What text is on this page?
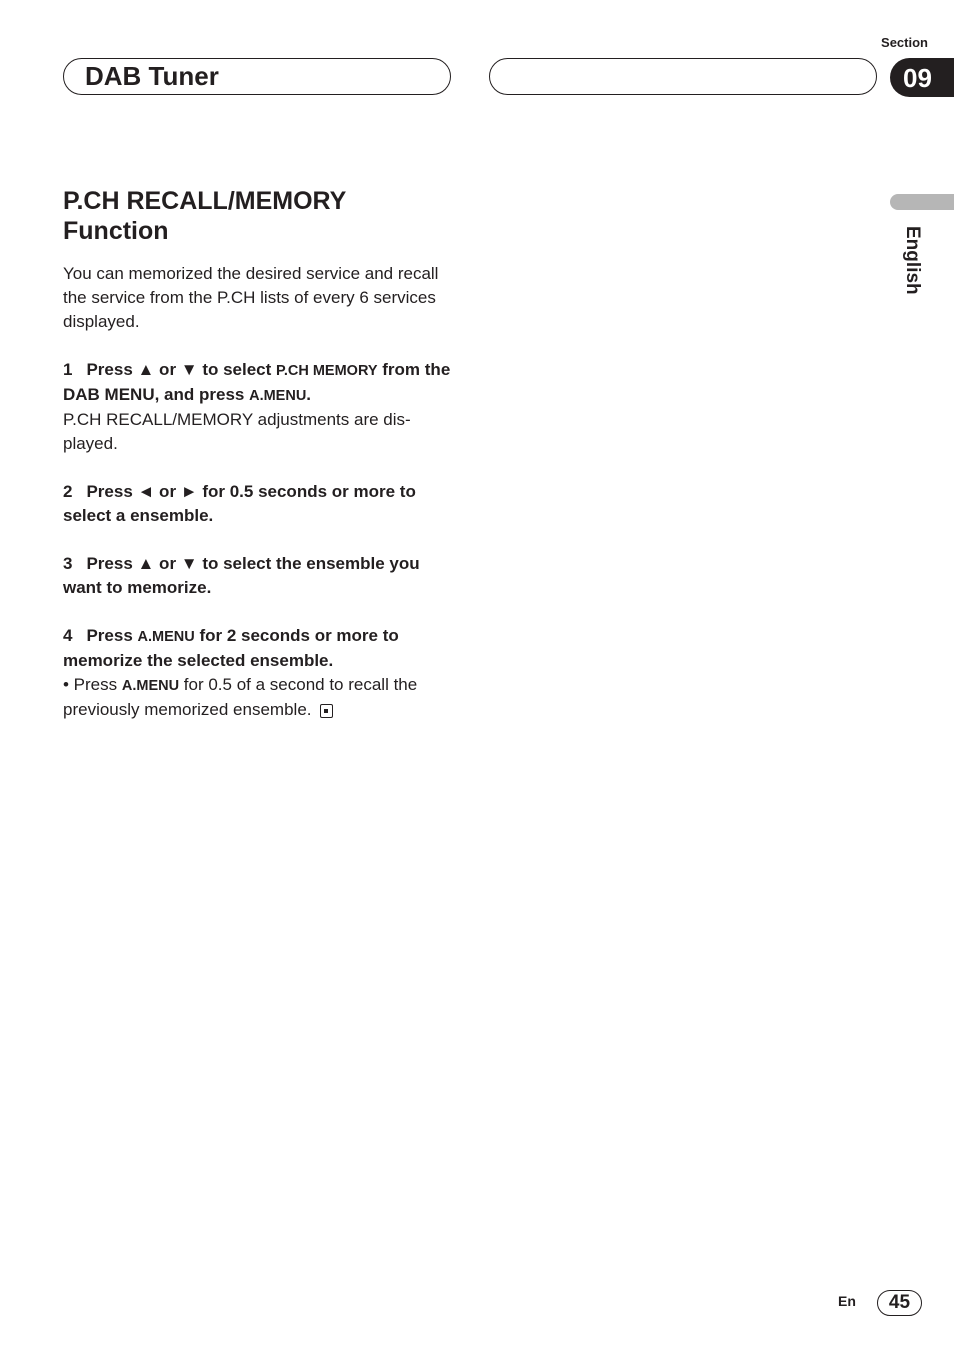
Section
DAB Tuner	09
English
P.CH RECALL/MEMORY
Function

You can memorized the desired service and recall the service from the P.CH lists of every 6 services displayed.

1 Press ▲ or ▼ to select P.CH MEMORY from the DAB MENU, and press A.MENU.

P.CH RECALL/MEMORY adjustments are dis-played.

2 Press ◄ or ► for 0.5 seconds or more to select a ensemble.
3 Press ▲ or ▼ to select the ensemble you want to memorize.
4 Press A.MENU for 2 seconds or more to memorize the selected ensemble.

• Press A.MENU for 0.5 of a second to recall the previously memorized ensemble.

En	45
